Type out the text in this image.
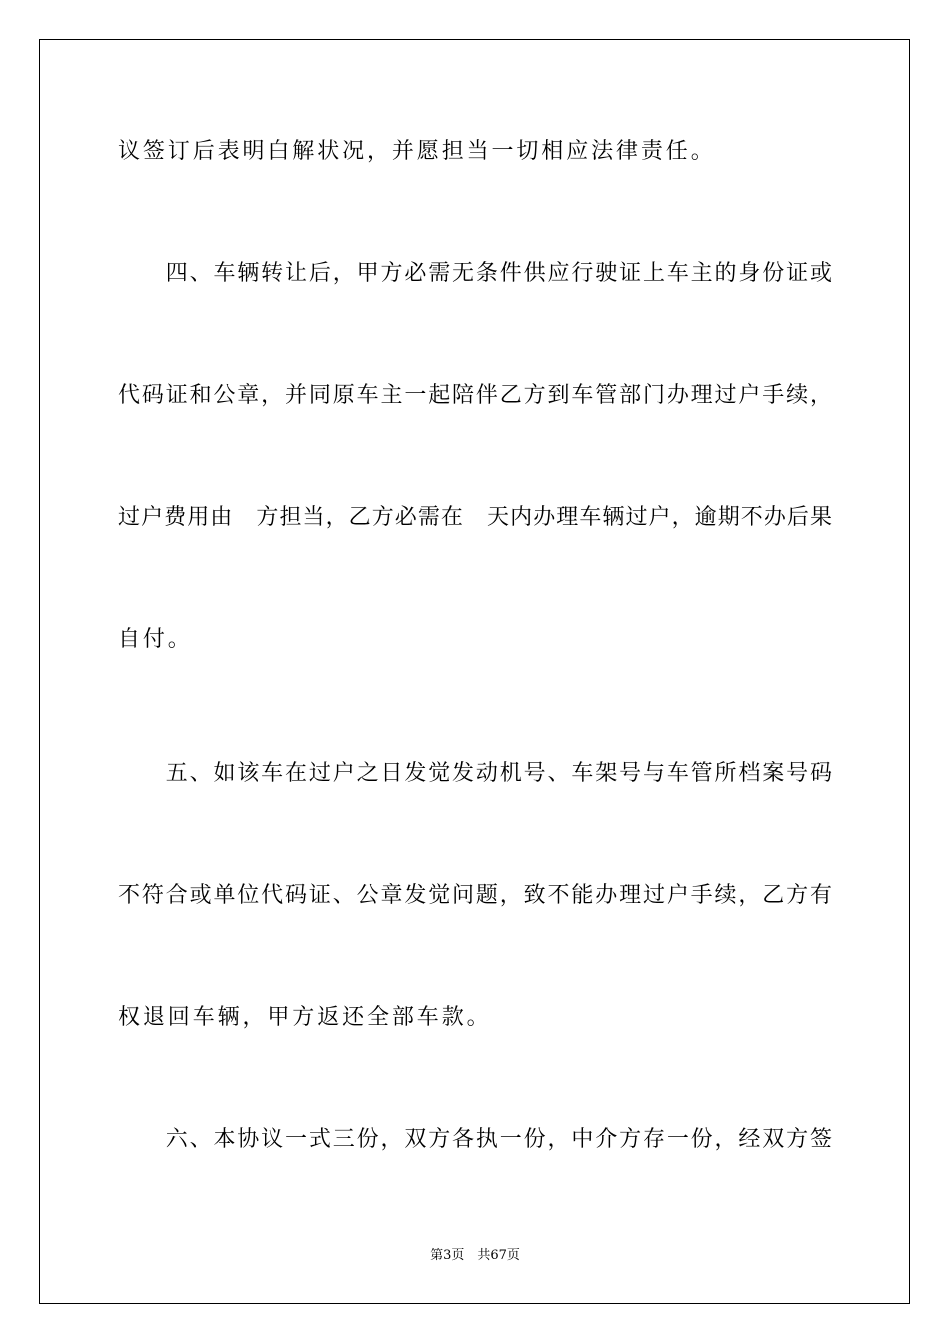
议签订后表明白解状况，并愿担当一切相应法律责任。
　　四、车辆转让后，甲方必需无条件供应行驶证上车主的身份证或
代码证和公章，并同原车主一起陪伴乙方到车管部门办理过户手续，
过户费用由　方担当，乙方必需在　天内办理车辆过户，逾期不办后果
自付。
　　五、如该车在过户之日发觉发动机号、车架号与车管所档案号码
不符合或单位代码证、公章发觉问题，致不能办理过户手续，乙方有
权退回车辆，甲方返还全部车款。
　　六、本协议一式三份，双方各执一份，中介方存一份，经双方签
第3页　共67页
